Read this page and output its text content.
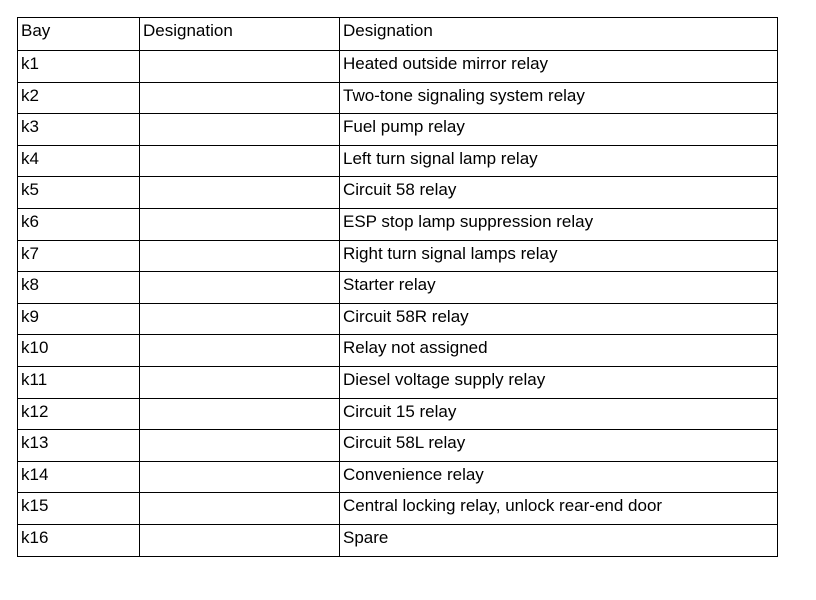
Bay	Designation	Designation
k1		Heated outside mirror relay
k2		Two-tone signaling system relay
k3		Fuel pump relay
k4		Left turn signal lamp relay
k5		Circuit 58 relay
k6		ESP stop lamp suppression relay
k7		Right turn signal lamps relay
k8		Starter relay
k9		Circuit 58R relay
k10		Relay not assigned
k11		Diesel voltage supply relay
k12		Circuit 15 relay
k13		Circuit 58L relay
k14		Convenience relay
k15		Central locking relay, unlock rear-end door
k16		Spare
